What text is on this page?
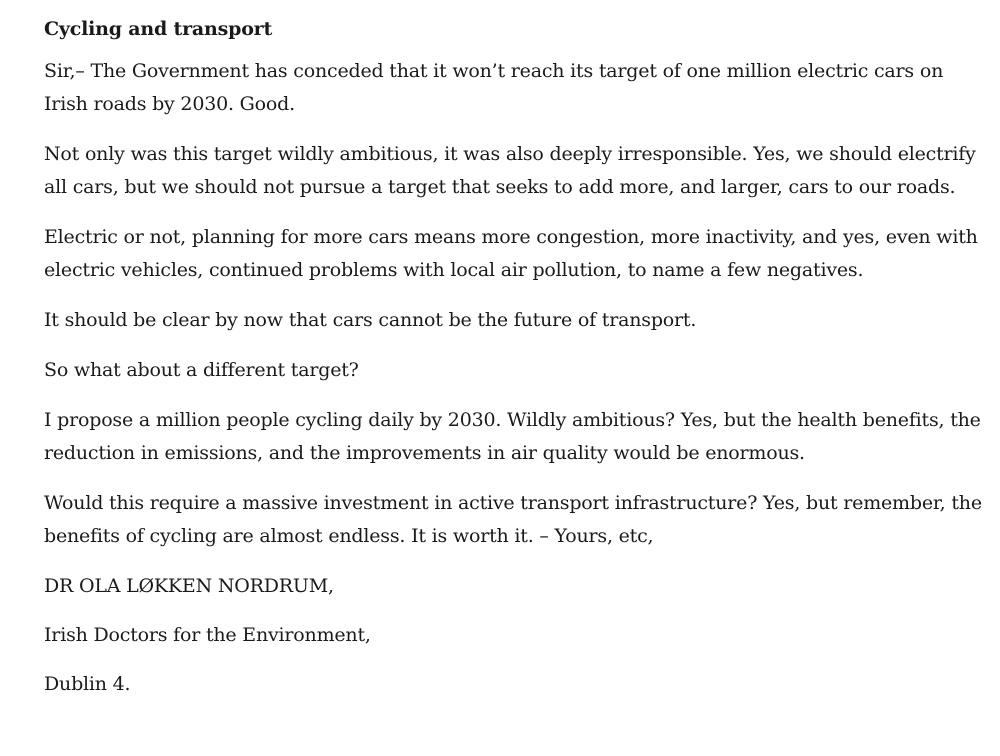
Cycling and transport

Sir,– The Government has conceded that it won’t reach its target of one million electric cars on Irish roads by 2030. Good.

Not only was this target wildly ambitious, it was also deeply irresponsible. Yes, we should electrify all cars, but we should not pursue a target that seeks to add more, and larger, cars to our roads.

Electric or not, planning for more cars means more congestion, more inactivity, and yes, even with electric vehicles, continued problems with local air pollution, to name a few negatives.

It should be clear by now that cars cannot be the future of transport.

So what about a different target?

I propose a million people cycling daily by 2030. Wildly ambitious? Yes, but the health benefits, the reduction in emissions, and the improvements in air quality would be enormous.

Would this require a massive investment in active transport infrastructure? Yes, but remember, the benefits of cycling are almost endless. It is worth it. – Yours, etc,

DR OLA LØKKEN NORDRUM,

Irish Doctors for the Environment,

Dublin 4.
